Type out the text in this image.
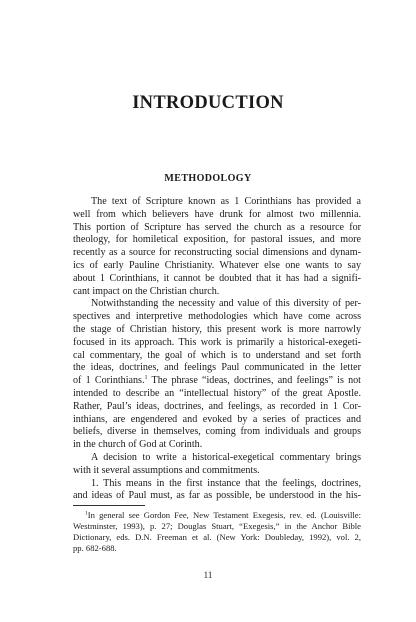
INTRODUCTION
METHODOLOGY
The text of Scripture known as 1 Corinthians has provided a
well from which believers have drunk for almost two millennia.
This portion of Scripture has served the church as a resource for
theology, for homiletical exposition, for pastoral issues, and more
recently as a source for reconstructing social dimensions and dynam-
ics of early Pauline Christianity. Whatever else one wants to say
about 1 Corinthians, it cannot be doubted that it has had a signifi-
cant impact on the Christian church.
Notwithstanding the necessity and value of this diversity of per-
spectives and interpretive methodologies which have come across
the stage of Christian history, this present work is more narrowly
focused in its approach. This work is primarily a historical-exegeti-
cal commentary, the goal of which is to understand and set forth
the ideas, doctrines, and feelings Paul communicated in the letter
of 1 Corinthians.$^1$ The phrase “ideas, doctrines, and feelings” is not
intended to describe an “intellectual history” of the great Apostle.
Rather, Paul’s ideas, doctrines, and feelings, as recorded in 1 Cor-
inthians, are engendered and evoked by a series of practices and
beliefs, diverse in themselves, coming from individuals and groups
in the church of God at Corinth.
A decision to write a historical-exegetical commentary brings
with it several assumptions and commitments.
1. This means in the first instance that the feelings, doctrines,
and ideas of Paul must, as far as possible, be understood in the his-
$^1$In general see Gordon Fee, New Testament Exegesis, rev. ed. (Louisville:
Westminster, 1993), p. 27; Douglas Stuart, “Exegesis,” in the Anchor Bible
Dictionary, eds. D.N. Freeman et al. (New York: Doubleday, 1992), vol. 2,
pp. 682-688.
11
